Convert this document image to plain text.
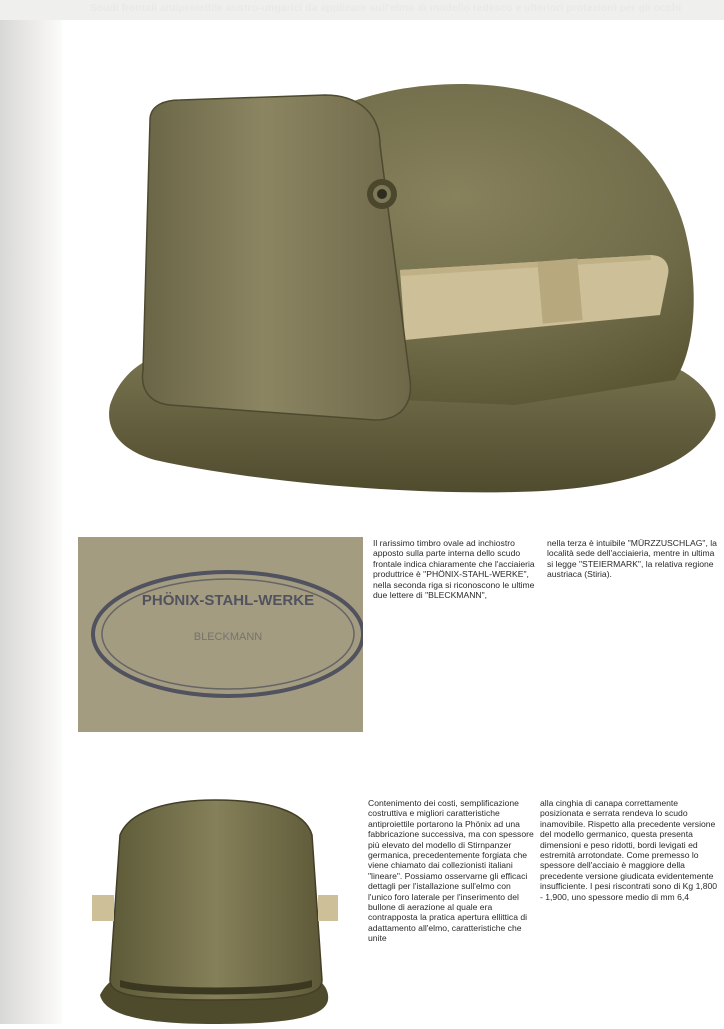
Scudi frontali antiproiettile austro-ungarici da applicare sull'elmo di modello tedesco e ulteriori protezioni per gli occhi
PHÖNIX-STAHL-WERKE
BLECKMANN

Il rarissimo timbro ovale ad inchiostro apposto sulla parte interna dello scudo frontale indica chiaramente che l'acciaieria produttrice è "PHÖNIX-STAHL-WERKE", nella seconda riga si riconoscono le ultime due lettere di "BLECKMANN",

nella terza è intuibile "MÜRZZUSCHLAG", la località sede dell'acciaieria, mentre in ultima si legge "STEIERMARK", la relativa regione austriaca (Stiria).

Contenimento dei costi, semplificazione costruttiva e migliori caratteristiche antiproiettile portarono la Phönix ad una fabbricazione successiva, ma con spessore più elevato del modello di Stirnpanzer germanica, precedentemente forgiata che viene chiamato dai collezionisti italiani "lineare". Possiamo osservarne gli efficaci dettagli per l'istallazione sull'elmo con l'unico foro laterale per l'inserimento del bullone di aerazione al quale era contrapposta la pratica apertura ellittica di adattamento all'elmo, caratteristiche che unite

alla cinghia di canapa correttamente posizionata e serrata rendeva lo scudo inamovibile. Rispetto alla precedente versione del modello germanico, questa presenta dimensioni e peso ridotti, bordi levigati ed estremità arrotondate. Come premesso lo spessore dell'acciaio è maggiore della precedente versione giudicata evidentemente insufficiente. I pesi riscontrati sono di Kg 1,800 - 1,900, uno spessore medio di mm 6,4
